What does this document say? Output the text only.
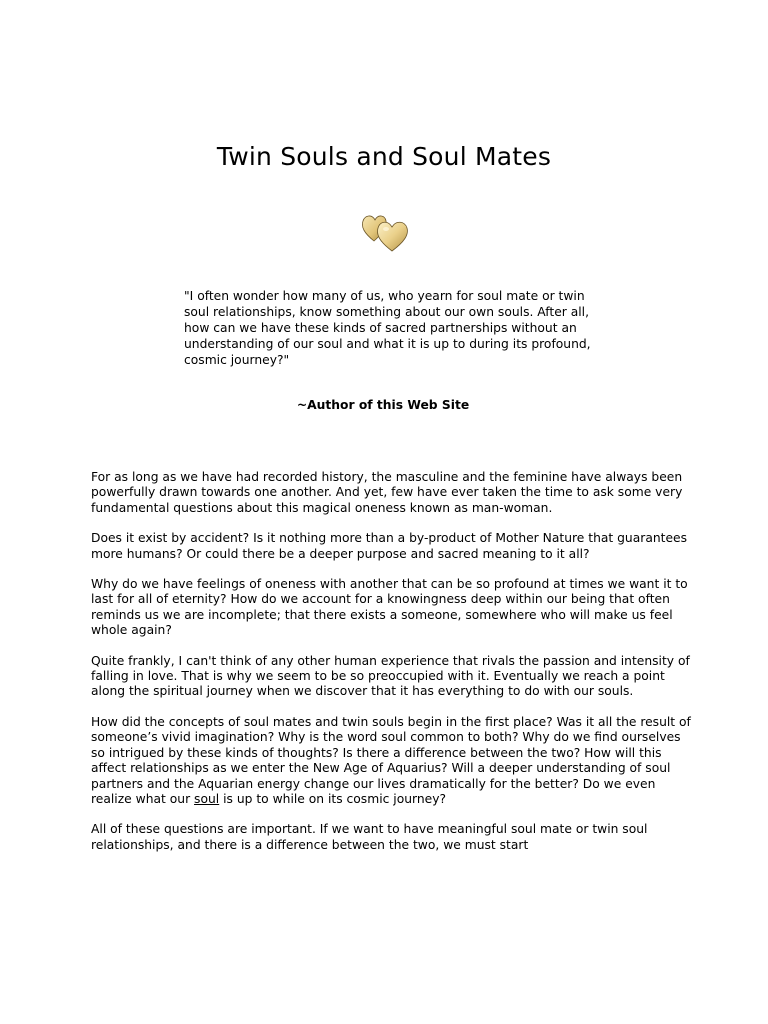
Twin Souls and Soul Mates

"I often wonder how many of us, who yearn for soul mate or twin soul relationships, know something about our own souls. After all, how can we have these kinds of sacred partnerships without an understanding of our soul and what it is up to during its profound, cosmic journey?"

~Author of this Web Site

For as long as we have had recorded history, the masculine and the feminine have always been powerfully drawn towards one another. And yet, few have ever taken the time to ask some very fundamental questions about this magical oneness known as man-woman.

Does it exist by accident? Is it nothing more than a by-product of Mother Nature that guarantees more humans? Or could there be a deeper purpose and sacred meaning to it all?

Why do we have feelings of oneness with another that can be so profound at times we want it to last for all of eternity? How do we account for a knowingness deep within our being that often reminds us we are incomplete; that there exists a someone, somewhere who will make us feel whole again?

Quite frankly, I can't think of any other human experience that rivals the passion and intensity of falling in love. That is why we seem to be so preoccupied with it. Eventually we reach a point along the spiritual journey when we discover that it has everything to do with our souls.

How did the concepts of soul mates and twin souls begin in the first place? Was it all the result of someone’s vivid imagination? Why is the word soul common to both? Why do we find ourselves so intrigued by these kinds of thoughts? Is there a difference between the two? How will this affect relationships as we enter the New Age of Aquarius? Will a deeper understanding of soul partners and the Aquarian energy change our lives dramatically for the better? Do we even realize what our soul is up to while on its cosmic journey?

All of these questions are important. If we want to have meaningful soul mate or twin soul relationships, and there is a difference between the two, we must start
